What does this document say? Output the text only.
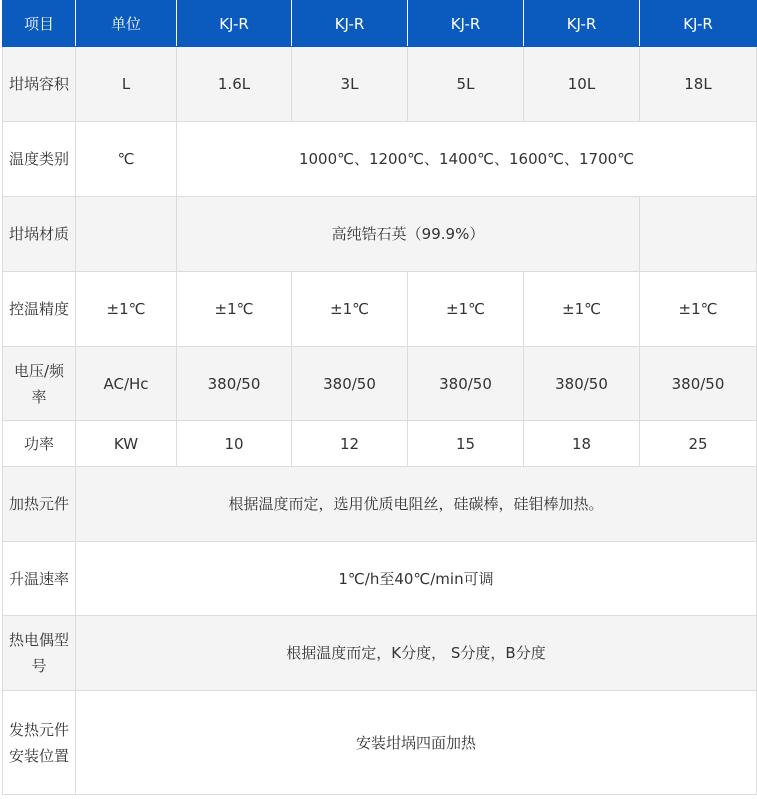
项目	单位	KJ-R	KJ-R	KJ-R	KJ-R	KJ-R
坩埚容积	L	1.6L	3L	5L	10L	18L
温度类别	℃	1000℃、1200℃、1400℃、1600℃、1700℃				
坩埚材质		高纯锆石英（99.9%）				
控温精度	±1℃	±1℃	±1℃	±1℃	±1℃	±1℃
电压/频率	AC/Hc	380/50	380/50	380/50	380/50	380/50
功率	KW	10	12	15	18	25
加热元件	根据温度而定，选用优质电阻丝，硅碳棒，硅钼棒加热。					
升温速率	1℃/h至40℃/min可调					
热电偶型号	根据温度而定，K分度， S分度，B分度					
发热元件安装位置	安装坩埚四面加热					
